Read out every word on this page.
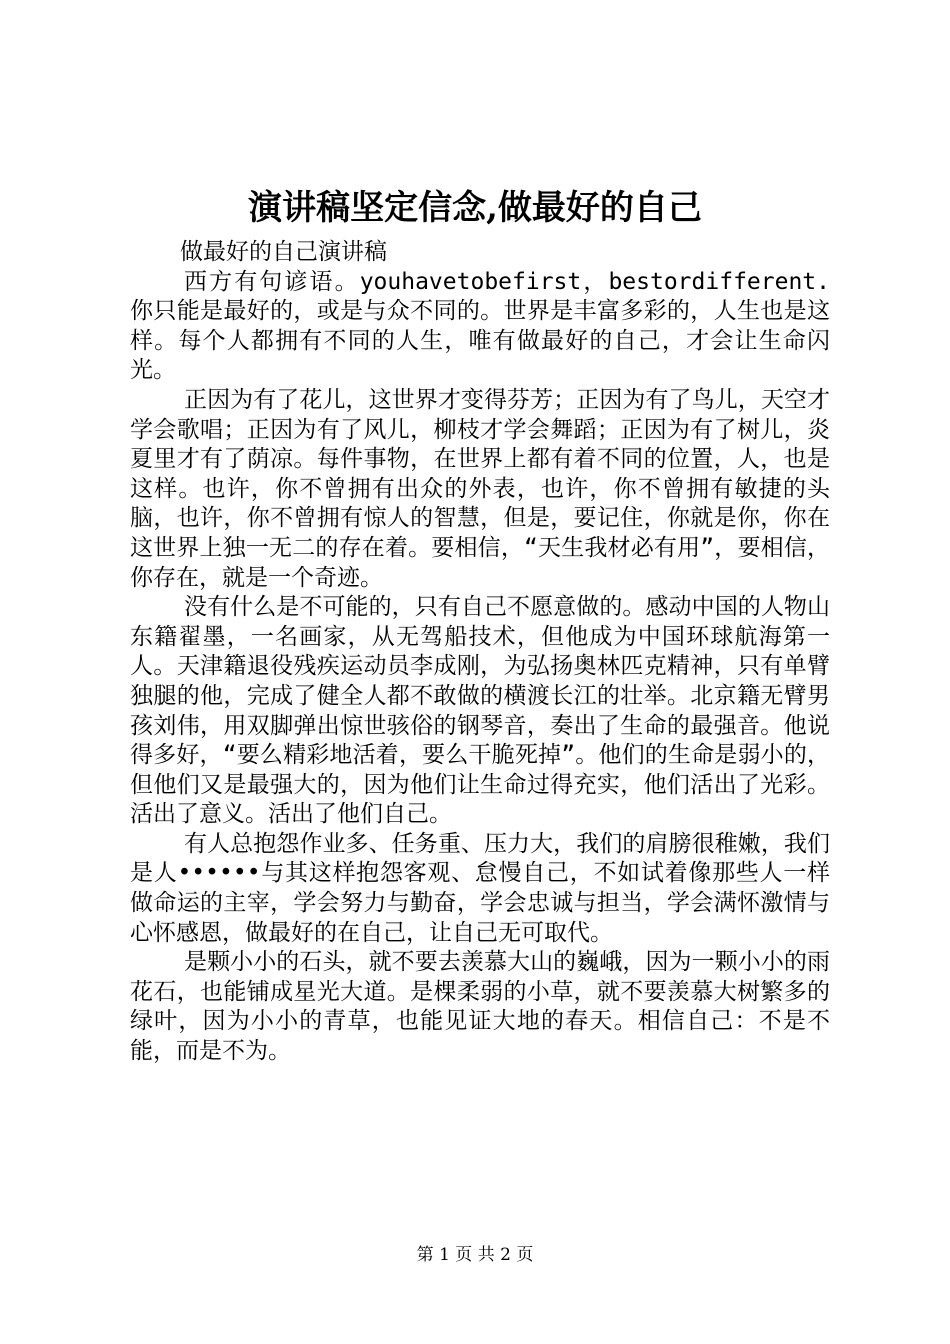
演讲稿坚定信念,做最好的自己

做最好的自己演讲稿

西方有句谚语。youhavetobefirst，bestordifferent.你只能是最好的，或是与众不同的。世界是丰富多彩的，人生也是这样。每个人都拥有不同的人生，唯有做最好的自己，才会让生命闪光。

正因为有了花儿，这世界才变得芬芳；正因为有了鸟儿，天空才学会歌唱；正因为有了风儿，柳枝才学会舞蹈；正因为有了树儿，炎夏里才有了荫凉。每件事物，在世界上都有着不同的位置，人，也是这样。也许，你不曾拥有出众的外表，也许，你不曾拥有敏捷的头脑，也许，你不曾拥有惊人的智慧，但是，要记住，你就是你，你在这世界上独一无二的存在着。要相信，“天生我材必有用”，要相信，你存在，就是一个奇迹。

没有什么是不可能的，只有自己不愿意做的。感动中国的人物山东籍翟墨，一名画家，从无驾船技术，但他成为中国环球航海第一人。天津籍退役残疾运动员李成刚，为弘扬奥林匹克精神，只有单臂独腿的他，完成了健全人都不敢做的横渡长江的壮举。北京籍无臂男孩刘伟，用双脚弹出惊世骇俗的钢琴音，奏出了生命的最强音。他说得多好，“要么精彩地活着，要么干脆死掉”。他们的生命是弱小的，但他们又是最强大的，因为他们让生命过得充实，他们活出了光彩。活出了意义。活出了他们自己。

有人总抱怨作业多、任务重、压力大，我们的肩膀很稚嫩，我们是人••••••与其这样抱怨客观、怠慢自己，不如试着像那些人一样做命运的主宰，学会努力与勤奋，学会忠诚与担当，学会满怀激情与心怀感恩，做最好的在自己，让自己无可取代。

是颗小小的石头，就不要去羡慕大山的巍峨，因为一颗小小的雨花石，也能铺成星光大道。是棵柔弱的小草，就不要羡慕大树繁多的绿叶，因为小小的青草，也能见证大地的春天。相信自己：不是不能，而是不为。

第 1 页 共 2 页
